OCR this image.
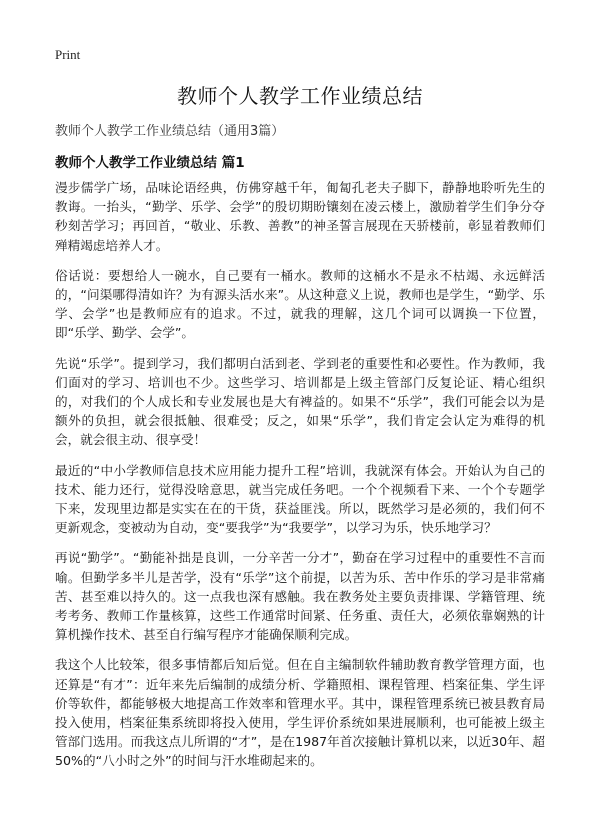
Print
教师个人教学工作业绩总结
教师个人教学工作业绩总结（通用3篇）
教师个人教学工作业绩总结 篇1

漫步儒学广场，品味论语经典，仿佛穿越千年，匍匐孔老夫子脚下，静静地聆听先生的教诲。一抬头，“勤学、乐学、会学”的殷切期盼镶刻在凌云楼上，激励着学生们争分夺秒刻苦学习；再回首，“敬业、乐教、善教”的神圣誓言展现在天骄楼前，彰显着教师们殚精竭虑培养人才。

俗话说：要想给人一碗水，自己要有一桶水。教师的这桶水不是永不枯竭、永远鲜活的，“问渠哪得清如许？为有源头活水来”。从这种意义上说，教师也是学生，“勤学、乐学、会学”也是教师应有的追求。不过，就我的理解，这几个词可以调换一下位置，即“乐学、勤学、会学”。

先说“乐学”。提到学习，我们都明白活到老、学到老的重要性和必要性。作为教师，我们面对的学习、培训也不少。这些学习、培训都是上级主管部门反复论证、精心组织的，对我们的个人成长和专业发展也是大有裨益的。如果不“乐学”，我们可能会以为是额外的负担，就会很抵触、很难受；反之，如果“乐学”，我们肯定会认定为难得的机会，就会很主动、很享受！

最近的“中小学教师信息技术应用能力提升工程”培训，我就深有体会。开始认为自己的技术、能力还行，觉得没啥意思，就当完成任务吧。一个个视频看下来、一个个专题学下来，发现里边都是实实在在的干货，获益匪浅。所以，既然学习是必须的，我们何不更新观念，变被动为自动，变“要我学”为“我要学”，以学习为乐，快乐地学习？

再说“勤学”。“勤能补拙是良训，一分辛苦一分才”，勤奋在学习过程中的重要性不言而喻。但勤学多半儿是苦学，没有“乐学”这个前提，以苦为乐、苦中作乐的学习是非常痛苦、甚至难以持久的。这一点我也深有感触。我在教务处主要负责排课、学籍管理、统考考务、教师工作量核算，这些工作通常时间紧、任务重、责任大，必须依靠娴熟的计算机操作技术、甚至自行编写程序才能确保顺利完成。

我这个人比较笨，很多事情都后知后觉。但在自主编制软件辅助教育教学管理方面，也还算是“有才”：近年来先后编制的成绩分析、学籍照相、课程管理、档案征集、学生评价等软件，都能够极大地提高工作效率和管理水平。其中，课程管理系统已被县教育局投入使用，档案征集系统即将投入使用，学生评价系统如果进展顺利，也可能被上级主管部门选用。而我这点儿所谓的“才”，是在1987年首次接触计算机以来，以近30年、超50%的“八小时之外”的时间与汗水堆砌起来的。
